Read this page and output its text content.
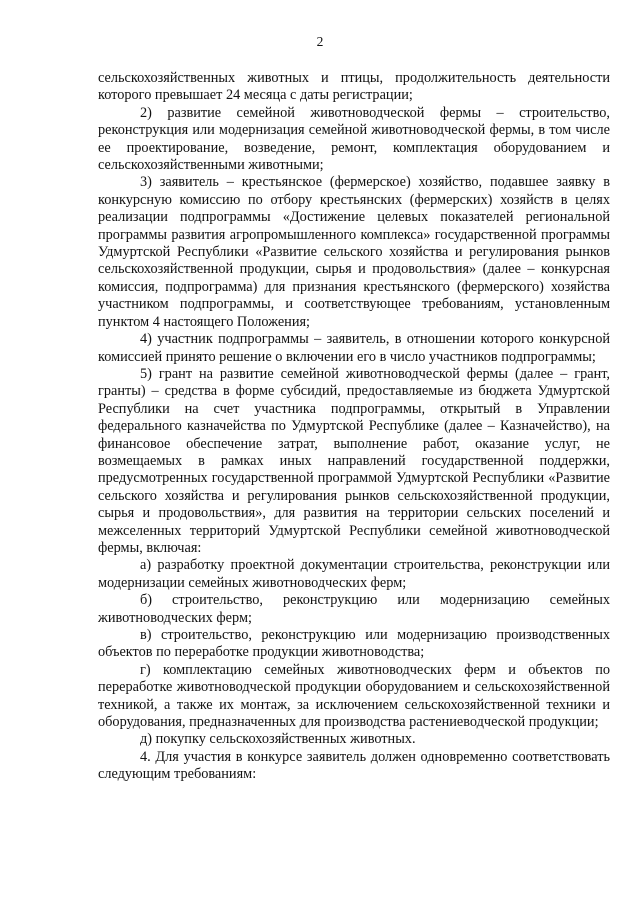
2

сельскохозяйственных животных и птицы, продолжительность деятельности которого превышает 24 месяца с даты регистрации;

2) развитие семейной животноводческой фермы – строительство, реконструкция или модернизация семейной животноводческой фермы, в том числе ее проектирование, возведение, ремонт, комплектация оборудованием и сельскохозяйственными животными;

3) заявитель – крестьянское (фермерское) хозяйство, подавшее заявку в конкурсную комиссию по отбору крестьянских (фермерских) хозяйств в целях реализации подпрограммы «Достижение целевых показателей региональной программы развития агропромышленного комплекса» государственной программы Удмуртской Республики «Развитие сельского хозяйства и регулирования рынков сельскохозяйственной продукции, сырья и продовольствия» (далее – конкурсная комиссия, подпрограмма) для признания крестьянского (фермерского) хозяйства участником подпрограммы, и соответствующее требованиям, установленным пунктом 4 настоящего Положения;

4) участник подпрограммы – заявитель, в отношении которого конкурсной комиссией принято решение о включении его в число участников подпрограммы;

5) грант на развитие семейной животноводческой фермы (далее – грант, гранты) – средства в форме субсидий, предоставляемые из бюджета Удмуртской Республики на счет участника подпрограммы, открытый в Управлении федерального казначейства по Удмуртской Республике (далее – Казначейство), на финансовое обеспечение затрат, выполнение работ, оказание услуг, не возмещаемых в рамках иных направлений государственной поддержки, предусмотренных государственной программой Удмуртской Республики «Развитие сельского хозяйства и регулирования рынков сельскохозяйственной продукции, сырья и продовольствия», для развития на территории сельских поселений и межселенных территорий Удмуртской Республики семейной животноводческой фермы, включая:

а) разработку проектной документации строительства, реконструкции или модернизации семейных животноводческих ферм;

б) строительство, реконструкцию или модернизацию семейных животноводческих ферм;

в) строительство, реконструкцию или модернизацию производственных объектов по переработке продукции животноводства;

г) комплектацию семейных животноводческих ферм и объектов по переработке животноводческой продукции оборудованием и сельскохозяйственной техникой, а также их монтаж, за исключением сельскохозяйственной техники и оборудования, предназначенных для производства растениеводческой продукции;

д) покупку сельскохозяйственных животных.

4. Для участия в конкурсе заявитель должен одновременно соответствовать следующим требованиям:
